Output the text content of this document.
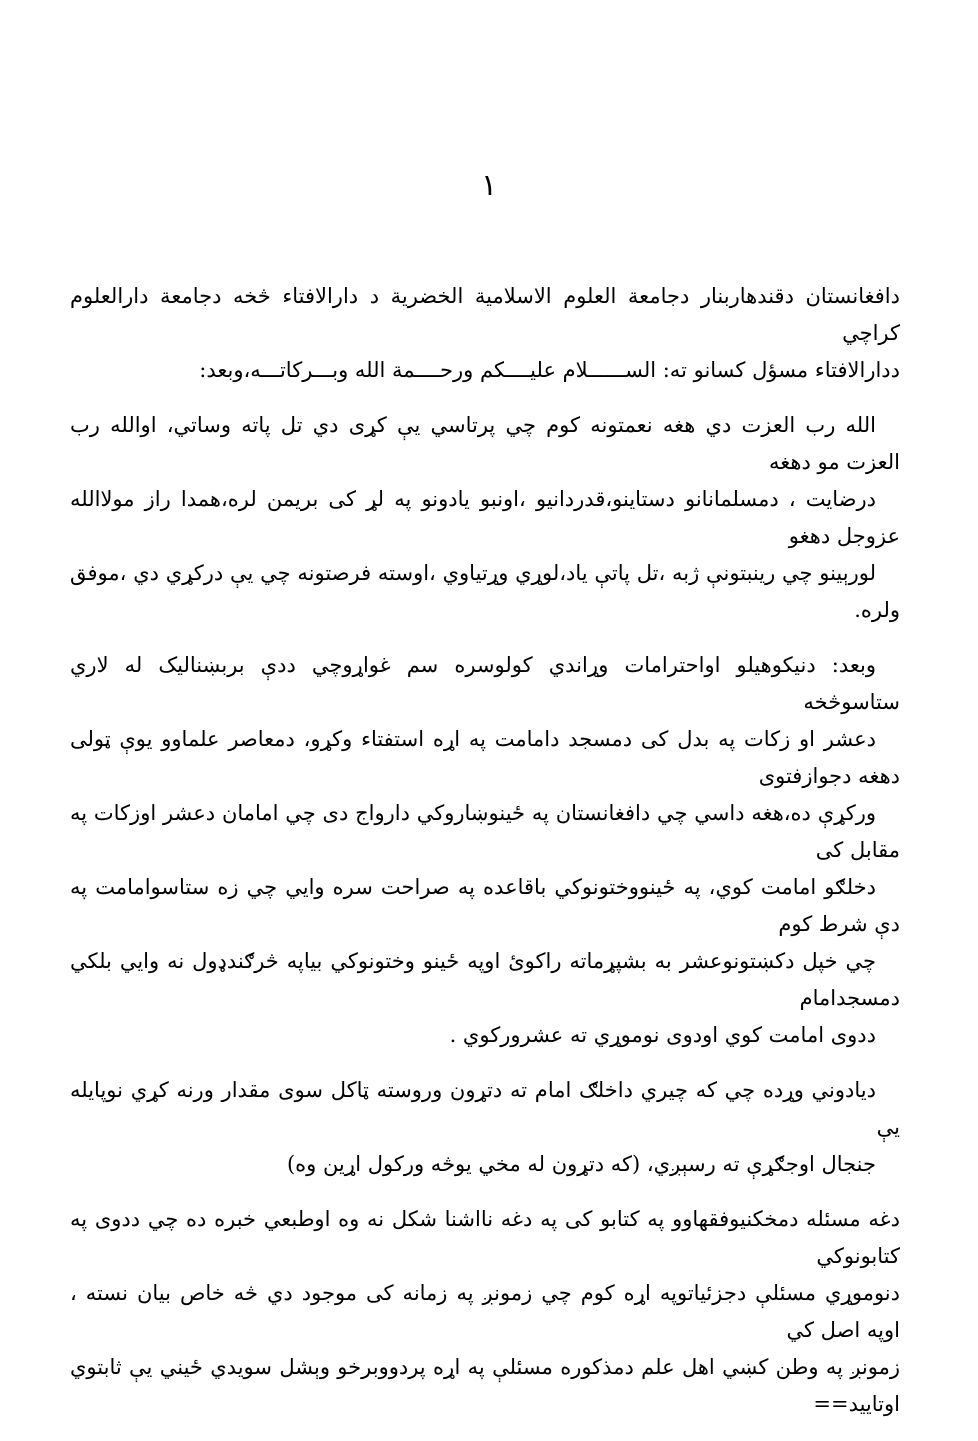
١

دافغانستان دقندهاربنار دجامعة العلوم الاسلامية الخضرية د دارالافتاء څخه دجامعة دارالعلوم کراچي
ددارالافتاء مسؤل کسانو ته: الســــــلام علیــــکم ورحــــمة الله وبـــرکاتـــه،وبعد:

الله رب العزت دي هغه نعمتونه کوم چي پرتاسي یې کړی دي تل پاته وساتي، اوالله رب العزت مو دهغه
درضایت ، دمسلمانانو دستاینو،قدردانیو ،اونبو یادونو په لړ کی بریمن لره،همدا راز مولاالله عزوجل دهغو
لورېینو چي رینبتونې ژبه ،تل پاتې یاد،لوړي وړتیاوي ،اوسته فرصتونه چي یې درکړي دي ،موفق ولره.

وبعد: دنیکوهیلو اواحترامات وړاندي کولوسره سم غواړوچي ددې بربښنالیک له لاري ستاسوڅخه
دعشر او زکات په بدل کی دمسجد دامامت په اړه استفتاء وکړو، دمعاصر علماوو یوې ټولی دهغه دجوازفتوی
ورکړې ده،هغه داسي چي دافغانستان په ځینوښاروکي دارواج دی چي امامان دعشر اوزکات په مقابل کی
دخلګو امامت کوي، په ځینووختونوکي باقاعده په صراحت سره وایي چي زه ستاسوامامت په دې شرط کوم
چي خپل دکښتونوعشر به بشپړماته راکوئ اوپه ځینو وختونوکي بیاپه څرګندډول نه وایي بلکي دمسجدامام
ددوی امامت کوي اودوی نوموړي ته عشرورکوي .

دیادوني وړده چي که چیري داخلګ امام ته دتړون وروسته ټاکل سوی مقدار ورنه کړي نوپایله یې
جنجال اوجګړې ته رسېږي، (که دتړون له مخي یوڅه ورکول اړین وه)

دغه مسئله دمخکنیوفقهاوو په کتابو کی په دغه نااشنا شکل نه وه اوطبعي خبره ده چي ددوی په کتابونوکي
دنوموړي مسئلې دجزئیاتوپه اړه کوم چي زمونږ په زمانه کی موجود دي څه خاص بیان نسته ، اوپه اصل کي
زمونږ په وطن کښي اهل علم دمذکوره مسئلې په اړه پردووبرخو وېشل سویدي ځیني یې ثابتوي اوتایید==
